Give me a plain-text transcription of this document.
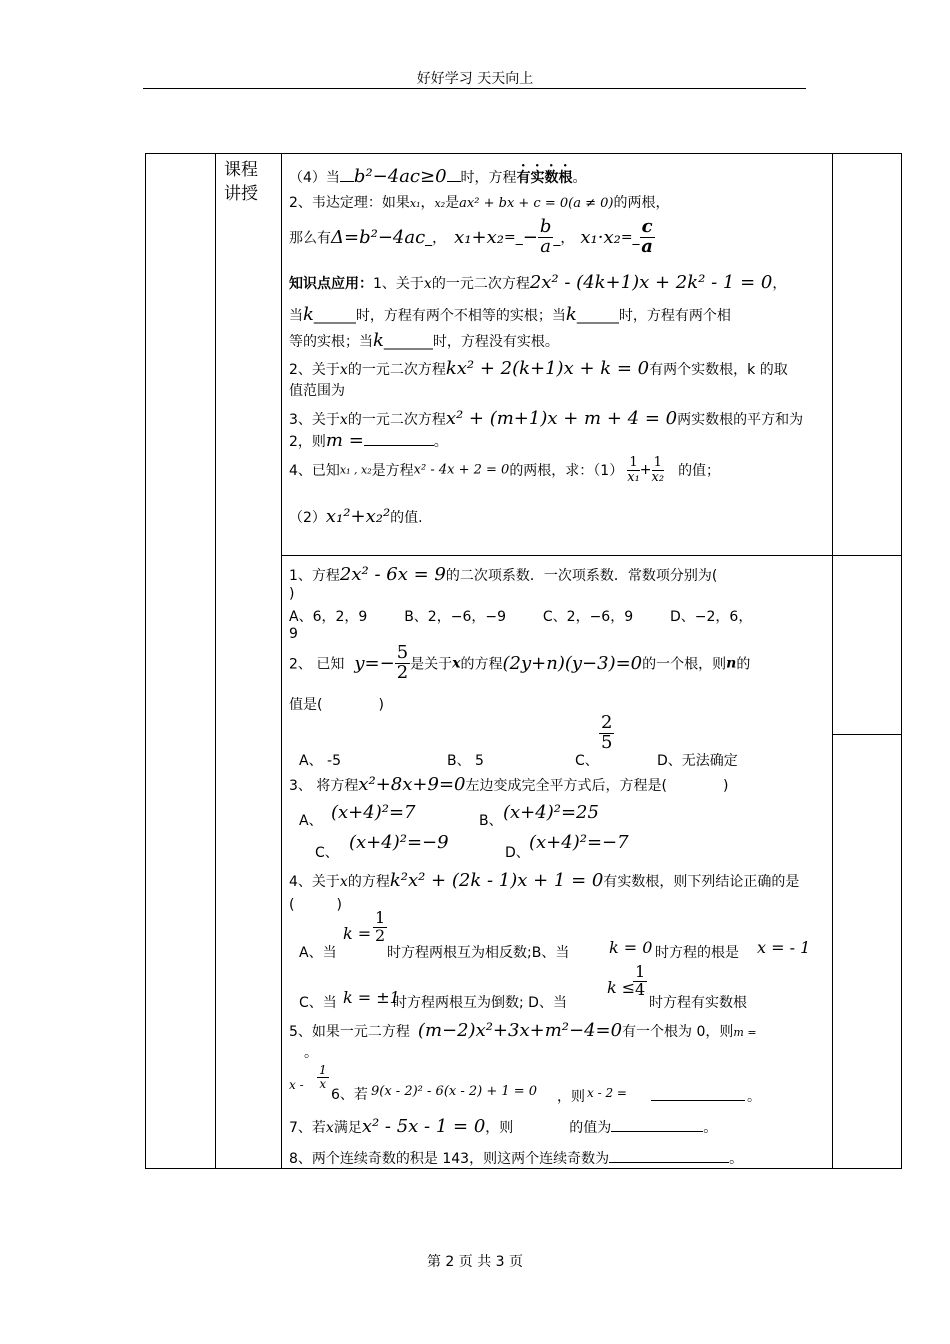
好好学习 天天向上
课程讲授
（4）当 b²−4ac≥0 时，方程有实数根。
2、韦达定理：如果x₁，x₂是ax² + bx + c = 0(a ≠ 0)的两根，
那么有Δ=b²−4ac_， x₁+x₂=_− $\frac{b}{a}$ _， x₁·x₂=_ $\frac{c}{a}$
知识点应用：1、关于x的一元二次方程2x² - (4k+1)x + 2k² - 1 = 0，
当k______时，方程有两个不相等的实根；当k______时，方程有两个相
等的实根；当k_______时，方程没有实根。
2、关于x的一元二次方程kx² + 2(k+1)x + k = 0有两个实数根，k 的取
值范围为
3、关于x的一元二次方程x² + (m+1)x + m + 4 = 0两实数根的平方和为
2，则m =	。
4、已知x₁ , x₂是方程x² - 4x + 2 = 0的两根，求：$(1) \frac{1}{\text{x₁}} + \frac{1}{\text{x₂}}$ 的值；
（2）x₁²+x₂²的值.
1、方程2x² - 6x = 9的二次项系数．一次项系数．常数项分别为(
)
A、6，2，9 　　 B、2，−6，−9 　　 C、2，−6，9 　　 D、−2，6，
9
2、 已知 $y=- \frac{5}{2}$ 是关于x的方程(2y+n)(y−3)=0的一个根，则n的
值是(　　　　)
A、 -5	B、 5	C、
$\frac{2}{5}$
D、无法确定
3、 将方程x²+8x+9=0左边变成完全平方式后，方程是(　　　　)
A、 (x+4)²=7	B、 (x+4)²=25
C、 (x+4)²=−9	D、 (x+4)²=−7
4、关于x的方程k²x² + (2k - 1)x + 1 = 0有实数根，则下列结论正确的是
(　　　)
A、当
$k = \frac{1}{2}$
时方程两根互为相反数;B、当 k = 0 时方程的根是 x = - 1
C、当 k = ±1
时方程两根互为倒数; D、当
k ≤
$\frac{1}{4}$
时方程有实数根
5、如果一元二方程 (m−2)x²+3x+m²−4=0有一个根为 0，则m =
。
x - $\frac{1}{x}$
6、若 9(x - 2)² - 6(x - 2) + 1 = 0 ，则 x - 2 =	。
7、若x满足x² - 5x - 1 = 0，则	的值为	。
8、两个连续奇数的积是 143，则这两个连续奇数为	。
第 2 页 共 3 页
